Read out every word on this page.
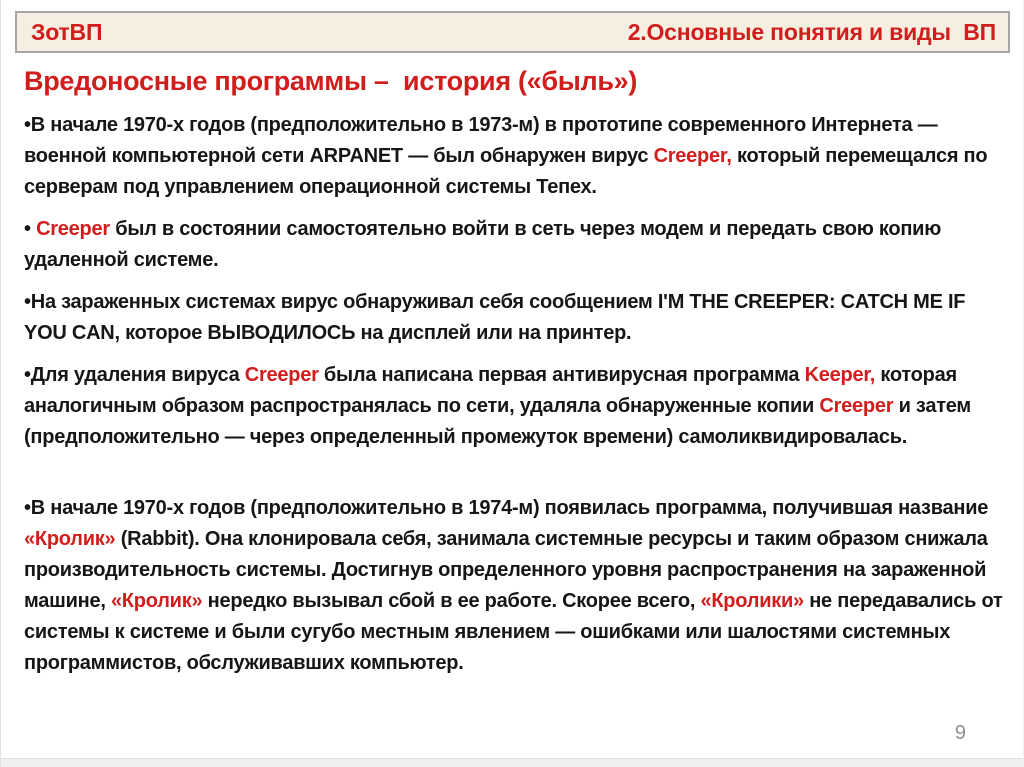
ЗотВП	2.Основные понятия и виды  ВП
Вредоносные программы –  история («быль»)

•В начале 1970-х годов (предположительно в 1973-м) в прототипе современного Интернета — военной компьютерной сети ARPANET — был обнаружен вирус Creeper, который перемещался по серверам под управлением операционной системы Тепех.

• Creeper был в состоянии самостоятельно войти в сеть через модем и передать свою копию удаленной системе.

•На зараженных системах вирус обнаруживал себя сообщением I'M THE CREEPER: CATCH ME IF YOU CAN, которое ВЫВОДИЛОСЬ на дисплей или на принтер.

•Для удаления вируса Creeper была написана первая антивирусная программа Keeper, которая аналогичным образом распространялась по сети, удаляла обнаруженные копии Creeper и затем (предположительно — через определенный промежуток времени) самоликвидировалась.

•В начале 1970-х годов (предположительно в 1974-м) появилась программа, получившая название «Кролик» (Rabbit). Она клонировала себя, занимала системные ресурсы и таким образом снижала производительность системы. Достигнув определенного уровня распространения на зараженной машине, «Кролик» нередко вызывал сбой в ее работе. Скорее всего, «Кролики» не передавались от системы к системе и были сугубо местным явлением — ошибками или шалостями системных программистов, обслуживавших компьютер.

9
